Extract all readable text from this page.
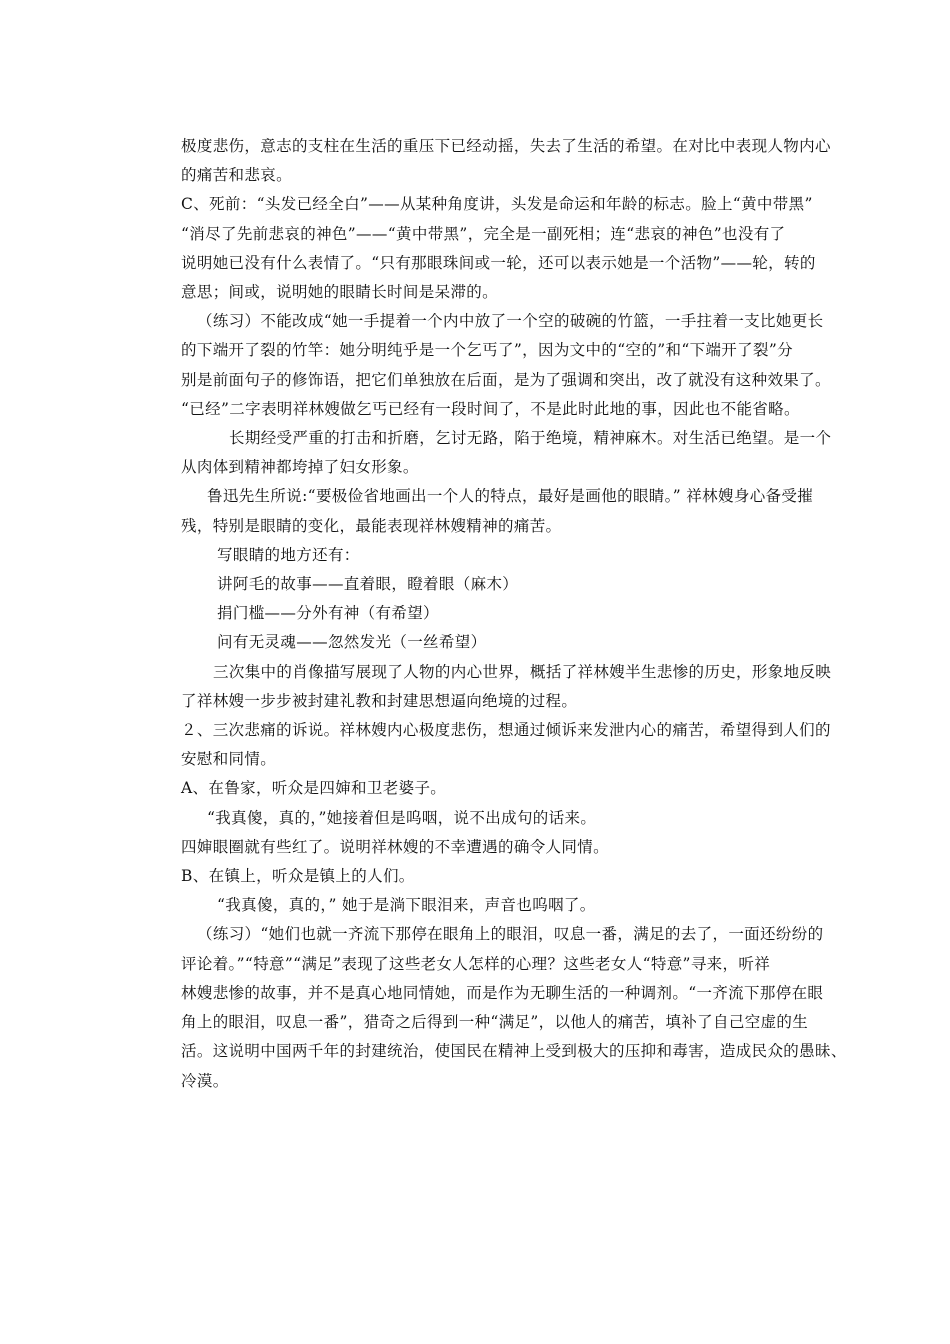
极度悲伤，意志的支柱在生活的重压下已经动摇，失去了生活的希望。在对比中表现人物内心
的痛苦和悲哀。
C、死前：“头发已经全白”——从某种角度讲，头发是命运和年龄的标志。脸上“黄中带黑”
“消尽了先前悲哀的神色”——“黄中带黑”，完全是一副死相；连“悲哀的神色”也没有了
说明她已没有什么表情了。“只有那眼珠间或一轮，还可以表示她是一个活物”——轮，转的
意思；间或，说明她的眼睛长时间是呆滞的。
（练习）不能改成“她一手提着一个内中放了一个空的破碗的竹篮，一手拄着一支比她更长
的下端开了裂的竹竿：她分明纯乎是一个乞丐了”，因为文中的“空的”和“下端开了裂”分
别是前面句子的修饰语，把它们单独放在后面，是为了强调和突出，改了就没有这种效果了。
“已经”二字表明祥林嫂做乞丐已经有一段时间了，不是此时此地的事，因此也不能省略。
长期经受严重的打击和折磨，乞讨无路，陷于绝境，精神麻木。对生活已绝望。是一个
从肉体到精神都垮掉了妇女形象。
鲁迅先生所说:“要极俭省地画出一个人的特点，最好是画他的眼睛。” 祥林嫂身心备受摧
残，特别是眼睛的变化，最能表现祥林嫂精神的痛苦。
写眼睛的地方还有：
讲阿毛的故事——直着眼，瞪着眼（麻木）
捐门槛——分外有神（有希望）
问有无灵魂——忽然发光（一丝希望）
三次集中的肖像描写展现了人物的内心世界，概括了祥林嫂半生悲惨的历史，形象地反映
了祥林嫂一步步被封建礼教和封建思想逼向绝境的过程。
２、三次悲痛的诉说。祥林嫂内心极度悲伤，想通过倾诉来发泄内心的痛苦，希望得到人们的
安慰和同情。
A、在鲁家，听众是四婶和卫老婆子。
“我真傻，真的，”她接着但是呜咽，说不出成句的话来。
四婶眼圈就有些红了。说明祥林嫂的不幸遭遇的确令人同情。
B、在镇上，听众是镇上的人们。
“我真傻，真的，” 她于是淌下眼泪来，声音也呜咽了。
（练习）“她们也就一齐流下那停在眼角上的眼泪，叹息一番，满足的去了，一面还纷纷的
评论着。”“特意”“满足”表现了这些老女人怎样的心理？这些老女人“特意”寻来，听祥
林嫂悲惨的故事，并不是真心地同情她，而是作为无聊生活的一种调剂。“一齐流下那停在眼
角上的眼泪，叹息一番”，猎奇之后得到一种“满足”，以他人的痛苦，填补了自己空虚的生
活。这说明中国两千年的封建统治，使国民在精神上受到极大的压抑和毒害，造成民众的愚昧、
冷漠。
